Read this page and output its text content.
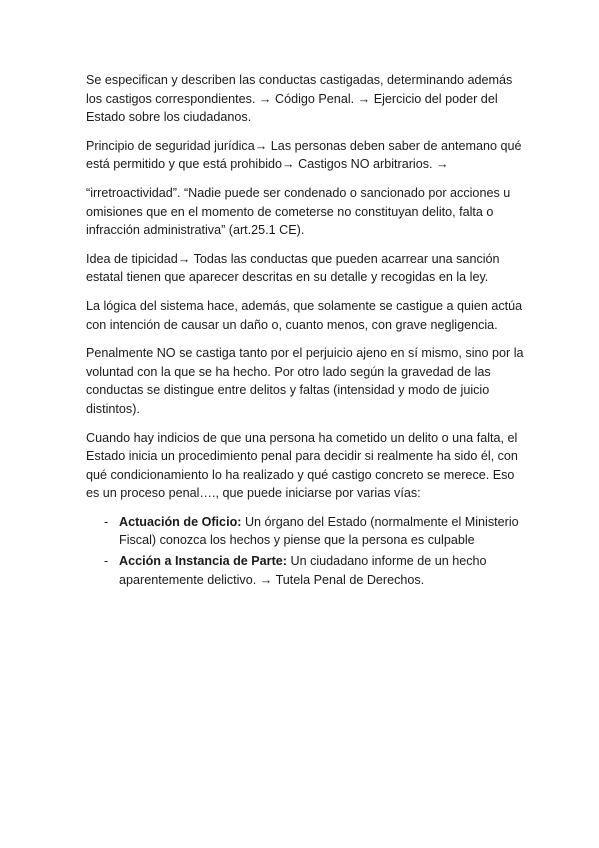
Se especifican y describen las conductas castigadas, determinando además los castigos correspondientes. → Código Penal. → Ejercicio del poder del Estado sobre los ciudadanos.

Principio de seguridad jurídica→ Las personas deben saber de antemano qué está permitido y que está prohibido→ Castigos NO arbitrarios. →

“irretroactividad”. “Nadie puede ser condenado o sancionado por acciones u omisiones que en el momento de cometerse no constituyan delito, falta o infracción administrativa” (art.25.1 CE).

Idea de tipicidad→ Todas las conductas que pueden acarrear una sanción estatal tienen que aparecer descritas en su detalle y recogidas en la ley.

La lógica del sistema hace, además, que solamente se castigue a quien actúa con intención de causar un daño o, cuanto menos, con grave negligencia.

Penalmente NO se castiga tanto por el perjuicio ajeno en sí mismo, sino por la voluntad con la que se ha hecho. Por otro lado según la gravedad de las conductas se distingue entre delitos y faltas (intensidad y modo de juicio distintos).

Cuando hay indicios de que una persona ha cometido un delito o una falta, el Estado inicia un procedimiento penal para decidir si realmente ha sido él, con qué condicionamiento lo ha realizado y qué castigo concreto se merece. Eso es un proceso penal…., que puede iniciarse por varias vías:

- Actuación de Oficio: Un órgano del Estado (normalmente el Ministerio Fiscal) conozca los hechos y piense que la persona es culpable
- Acción a Instancia de Parte: Un ciudadano informe de un hecho aparentemente delictivo. → Tutela Penal de Derechos.
